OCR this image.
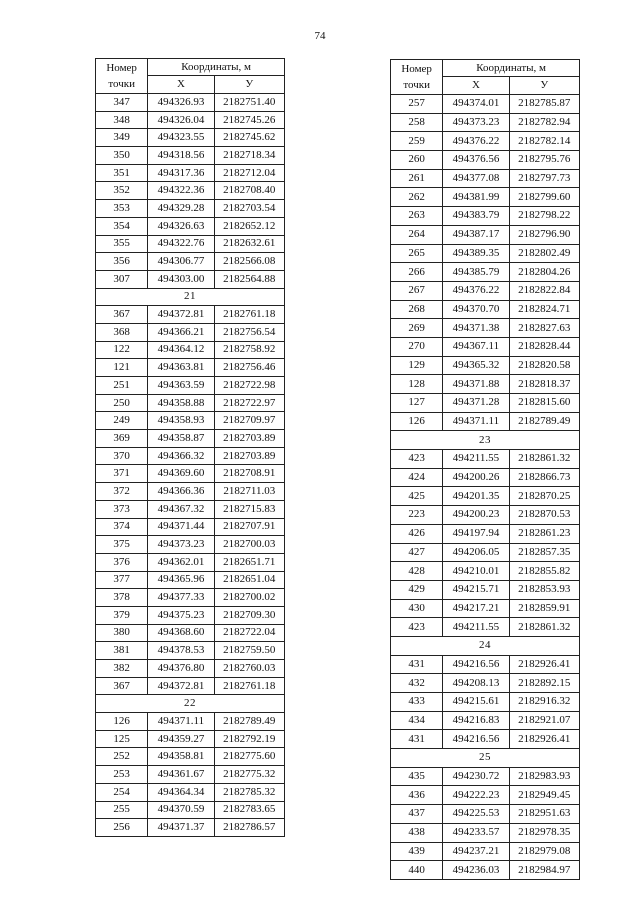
74
Номер
точки	Координаты, м	
	X	У
347	494326.93	2182751.40
348	494326.04	2182745.26
349	494323.55	2182745.62
350	494318.56	2182718.34
351	494317.36	2182712.04
352	494322.36	2182708.40
353	494329.28	2182703.54
354	494326.63	2182652.12
355	494322.76	2182632.61
356	494306.77	2182566.08
307	494303.00	2182564.88
21		
367	494372.81	2182761.18
368	494366.21	2182756.54
122	494364.12	2182758.92
121	494363.81	2182756.46
251	494363.59	2182722.98
250	494358.88	2182722.97
249	494358.93	2182709.97
369	494358.87	2182703.89
370	494366.32	2182703.89
371	494369.60	2182708.91
372	494366.36	2182711.03
373	494367.32	2182715.83
374	494371.44	2182707.91
375	494373.23	2182700.03
376	494362.01	2182651.71
377	494365.96	2182651.04
378	494377.33	2182700.02
379	494375.23	2182709.30
380	494368.60	2182722.04
381	494378.53	2182759.50
382	494376.80	2182760.03
367	494372.81	2182761.18
22		
126	494371.11	2182789.49
125	494359.27	2182792.19
252	494358.81	2182775.60
253	494361.67	2182775.32
254	494364.34	2182785.32
255	494370.59	2182783.65
256	494371.37	2182786.57
Номер
точки	Координаты, м	
	X	У
257	494374.01	2182785.87
258	494373.23	2182782.94
259	494376.22	2182782.14
260	494376.56	2182795.76
261	494377.08	2182797.73
262	494381.99	2182799.60
263	494383.79	2182798.22
264	494387.17	2182796.90
265	494389.35	2182802.49
266	494385.79	2182804.26
267	494376.22	2182822.84
268	494370.70	2182824.71
269	494371.38	2182827.63
270	494367.11	2182828.44
129	494365.32	2182820.58
128	494371.88	2182818.37
127	494371.28	2182815.60
126	494371.11	2182789.49
23		
423	494211.55	2182861.32
424	494200.26	2182866.73
425	494201.35	2182870.25
223	494200.23	2182870.53
426	494197.94	2182861.23
427	494206.05	2182857.35
428	494210.01	2182855.82
429	494215.71	2182853.93
430	494217.21	2182859.91
423	494211.55	2182861.32
24		
431	494216.56	2182926.41
432	494208.13	2182892.15
433	494215.61	2182916.32
434	494216.83	2182921.07
431	494216.56	2182926.41
25		
435	494230.72	2182983.93
436	494222.23	2182949.45
437	494225.53	2182951.63
438	494233.57	2182978.35
439	494237.21	2182979.08
440	494236.03	2182984.97
